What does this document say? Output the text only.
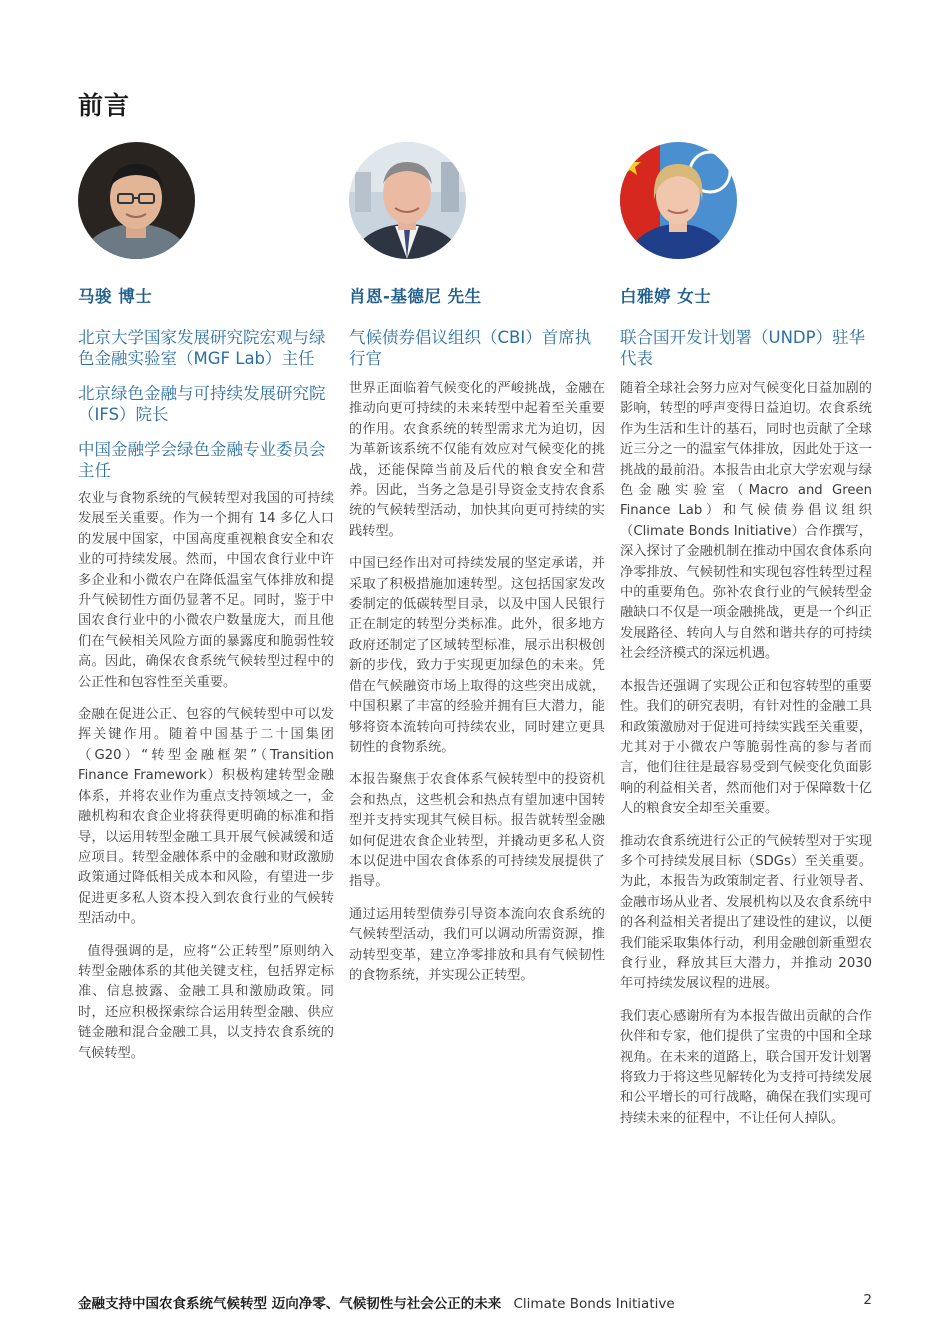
前言
马骏 博士

北京大学国家发展研究院宏观与绿色金融实验室（MGF Lab）主任

北京绿色金融与可持续发展研究院（IFS）院长

中国金融学会绿色金融专业委员会主任

农业与食物系统的气候转型对我国的可持续发展至关重要。作为一个拥有 14 多亿人口的发展中国家，中国高度重视粮食安全和农业的可持续发展。然而，中国农食行业中许多企业和小微农户在降低温室气体排放和提升气候韧性方面仍显著不足。同时，鉴于中国农食行业中的小微农户数量庞大，而且他们在气候相关风险方面的暴露度和脆弱性较高。因此，确保农食系统气候转型过程中的公正性和包容性至关重要。

金融在促进公正、包容的气候转型中可以发挥关键作用。随着中国基于二十国集团（G20）“转型金融框架”（Transition Finance Framework）积极构建转型金融体系，并将农业作为重点支持领域之一，金融机构和农食企业将获得更明确的标准和指导，以运用转型金融工具开展气候减缓和适应项目。转型金融体系中的金融和财政激励政策通过降低相关成本和风险，有望进一步促进更多私人资本投入到农食行业的气候转型活动中。

值得强调的是，应将“公正转型”原则纳入转型金融体系的其他关键支柱，包括界定标准、信息披露、金融工具和激励政策。同时，还应积极探索综合运用转型金融、供应链金融和混合金融工具，以支持农食系统的气候转型。

肖恩-基德尼 先生

气候债券倡议组织（CBI）首席执行官

世界正面临着气候变化的严峻挑战，金融在推动向更可持续的未来转型中起着至关重要的作用。农食系统的转型需求尤为迫切，因为革新该系统不仅能有效应对气候变化的挑战，还能保障当前及后代的粮食安全和营养。因此，当务之急是引导资金支持农食系统的气候转型活动，加快其向更可持续的实践转型。

中国已经作出对可持续发展的坚定承诺，并采取了积极措施加速转型。这包括国家发改委制定的低碳转型目录，以及中国人民银行正在制定的转型分类标准。此外，很多地方政府还制定了区域转型标准，展示出积极创新的步伐，致力于实现更加绿色的未来。凭借在气候融资市场上取得的这些突出成就，中国积累了丰富的经验并拥有巨大潜力，能够将资本流转向可持续农业，同时建立更具韧性的食物系统。

本报告聚焦于农食体系气候转型中的投资机会和热点，这些机会和热点有望加速中国转型并支持实现其气候目标。报告就转型金融如何促进农食企业转型，并撬动更多私人资本以促进中国农食体系的可持续发展提供了指导。

通过运用转型债券引导资本流向农食系统的气候转型活动，我们可以调动所需资源，推动转型变革，建立净零排放和具有气候韧性的食物系统，并实现公正转型。

白雅婷 女士

联合国开发计划署（UNDP）驻华代表

随着全球社会努力应对气候变化日益加剧的影响，转型的呼声变得日益迫切。农食系统作为生活和生计的基石，同时也贡献了全球近三分之一的温室气体排放，因此处于这一挑战的最前沿。本报告由北京大学宏观与绿色金融实验室（Macro and Green Finance Lab）和气候债券倡议组织（Climate Bonds Initiative）合作撰写，深入探讨了金融机制在推动中国农食体系向净零排放、气候韧性和实现包容性转型过程中的重要角色。弥补农食行业的气候转型金融缺口不仅是一项金融挑战，更是一个纠正发展路径、转向人与自然和谐共存的可持续社会经济模式的深远机遇。

本报告还强调了实现公正和包容转型的重要性。我们的研究表明，有针对性的金融工具和政策激励对于促进可持续实践至关重要，尤其对于小微农户等脆弱性高的参与者而言，他们往往是最容易受到气候变化负面影响的利益相关者，然而他们对于保障数十亿人的粮食安全却至关重要。

推动农食系统进行公正的气候转型对于实现多个可持续发展目标（SDGs）至关重要。为此，本报告为政策制定者、行业领导者、金融市场从业者、发展机构以及农食系统中的各利益相关者提出了建设性的建议，以便我们能采取集体行动，利用金融创新重塑农食行业，释放其巨大潜力，并推动 2030 年可持续发展议程的进展。

我们衷心感谢所有为本报告做出贡献的合作伙伴和专家，他们提供了宝贵的中国和全球视角。在未来的道路上，联合国开发计划署将致力于将这些见解转化为支持可持续发展和公平增长的可行战略，确保在我们实现可持续未来的征程中，不让任何人掉队。

金融支持中国农食系统气候转型 迈向净零、气候韧性与社会公正的未来 Climate Bonds Initiative	2
